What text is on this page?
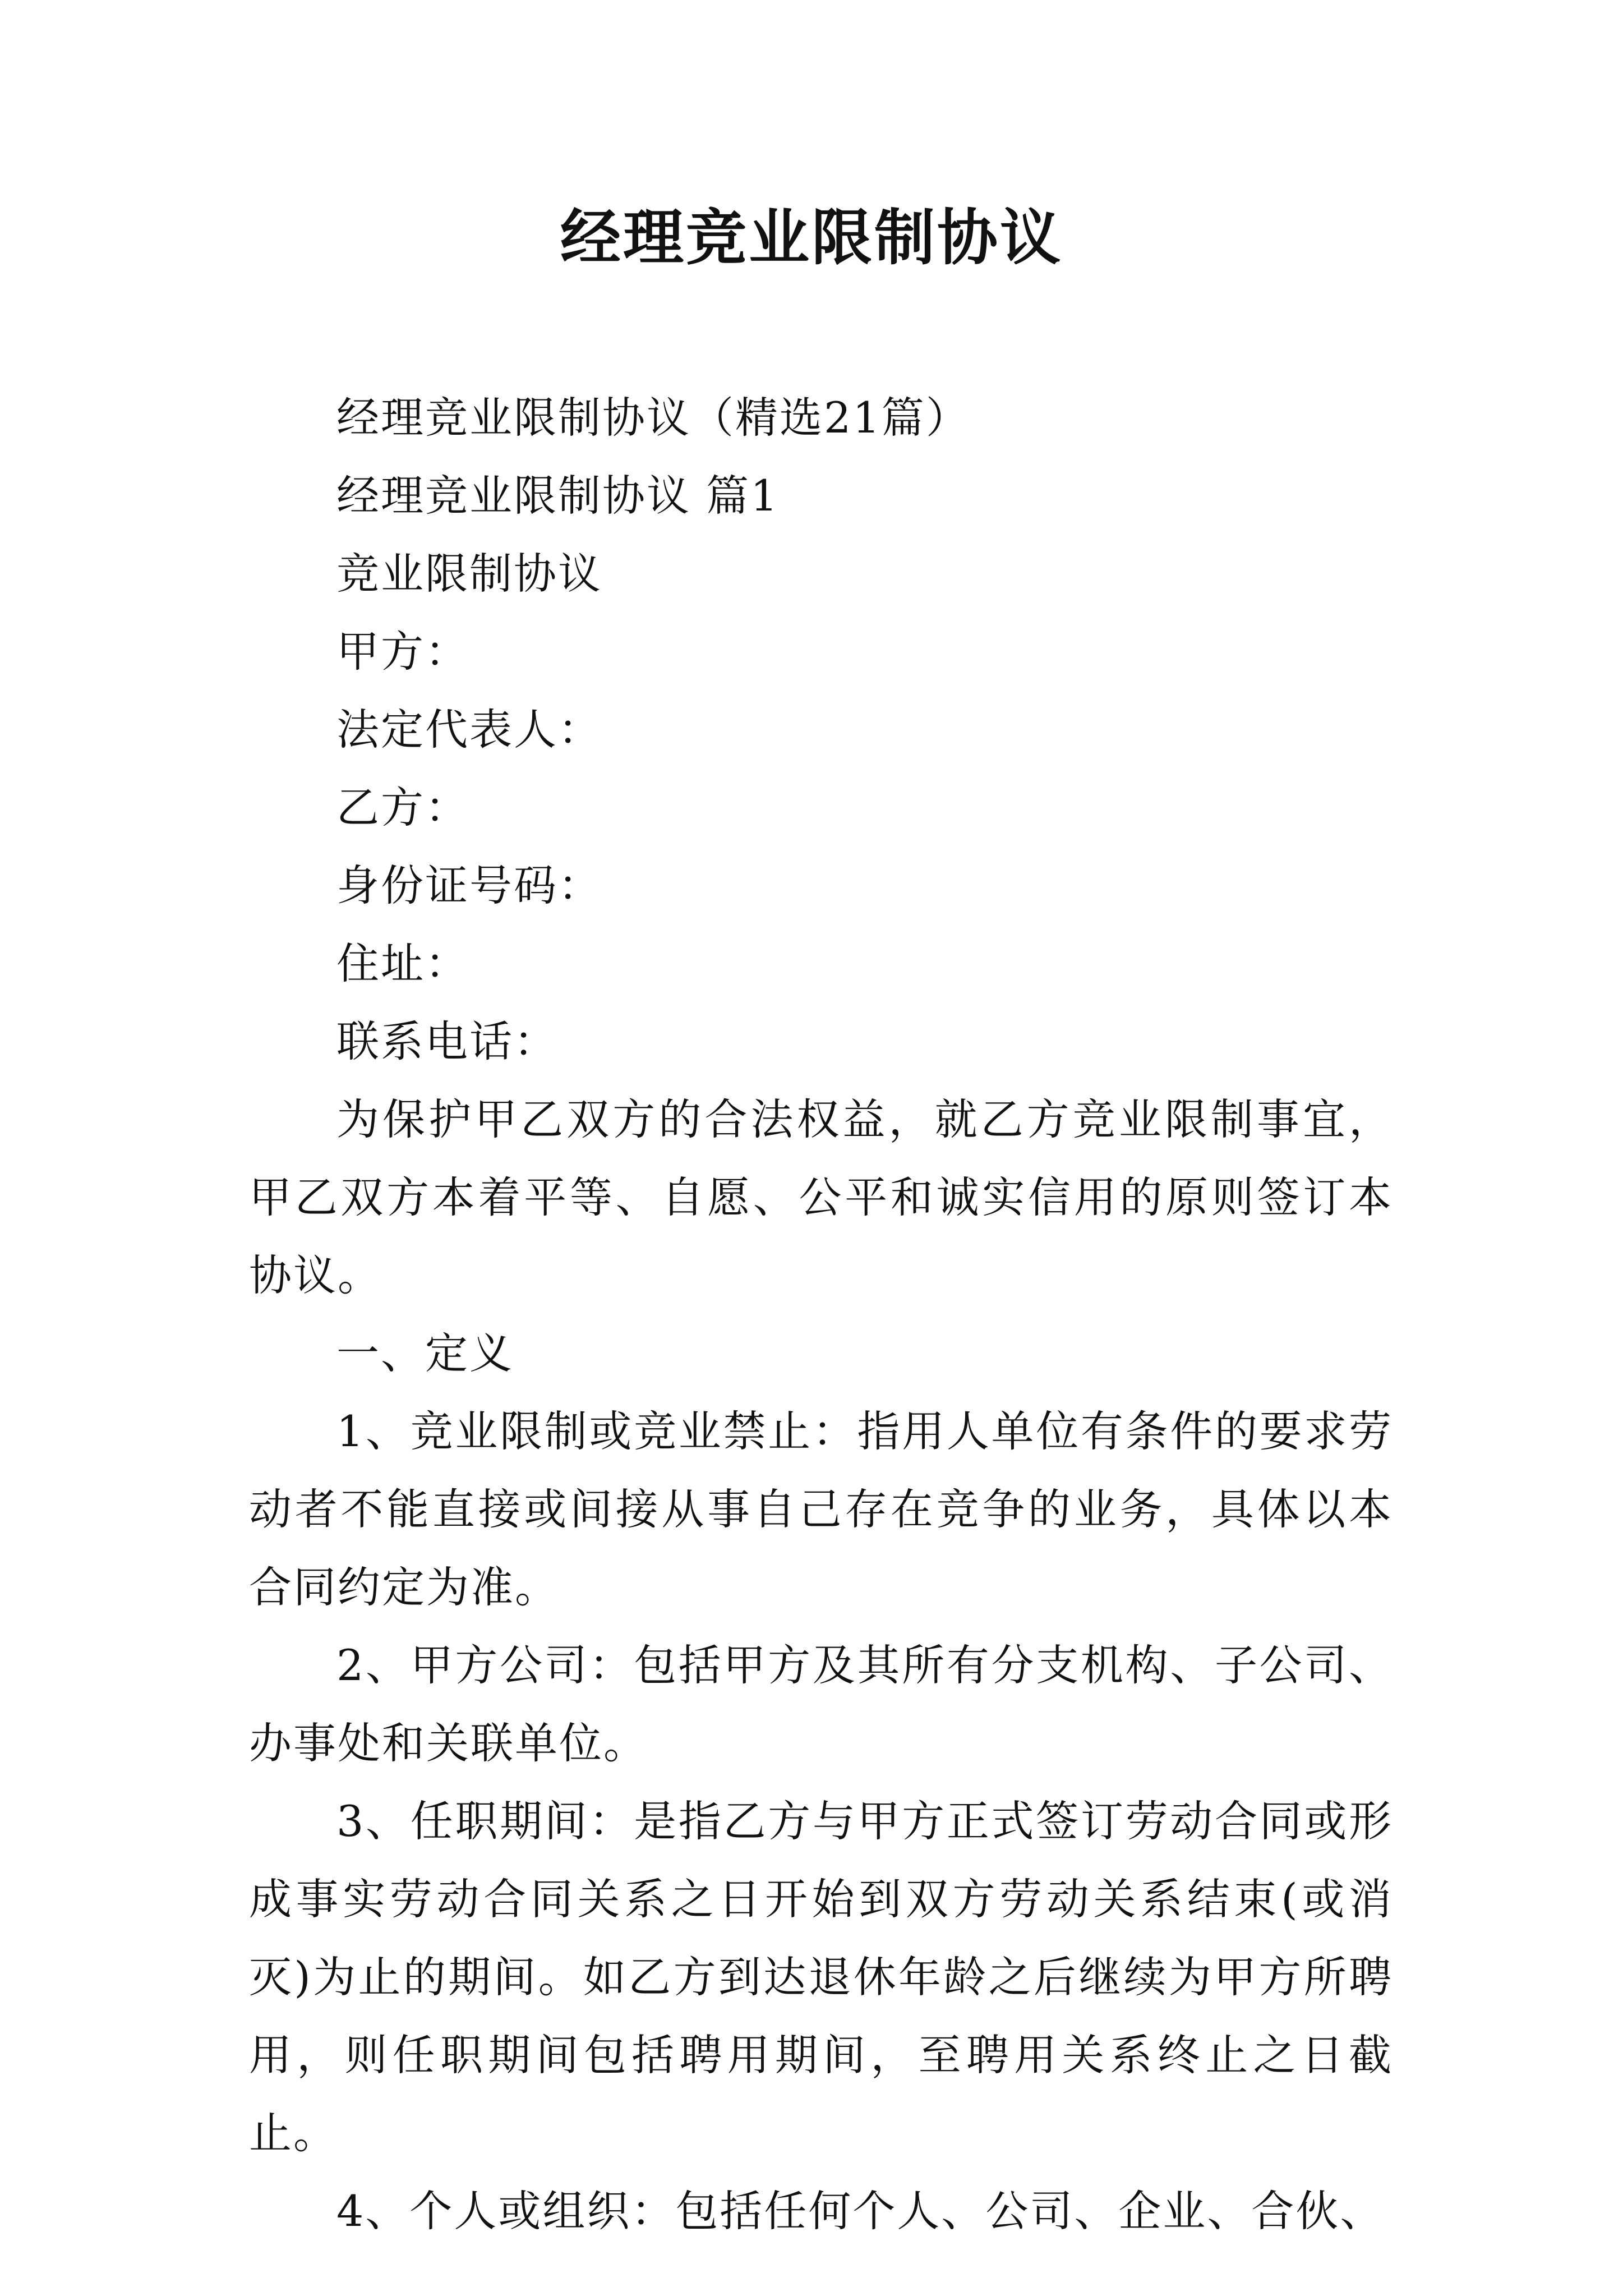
经理竞业限制协议

经理竞业限制协议（精选21篇）

经理竞业限制协议 篇1

竞业限制协议

甲方：

法定代表人：

乙方：

身份证号码：

住址：

联系电话：

为保护甲乙双方的合法权益，就乙方竞业限制事宜，甲乙双方本着平等、自愿、公平和诚实信用的原则签订本协议。

一、定义

1、竞业限制或竞业禁止：指用人单位有条件的要求劳动者不能直接或间接从事自己存在竞争的业务，具体以本合同约定为准。

2、甲方公司：包括甲方及其所有分支机构、子公司、办事处和关联单位。

3、任职期间：是指乙方与甲方正式签订劳动合同或形成事实劳动合同关系之日开始到双方劳动关系结束(或消灭)为止的期间。如乙方到达退休年龄之后继续为甲方所聘用，则任职期间包括聘用期间，至聘用关系终止之日截止。

4、个人或组织：包括任何个人、公司、企业、合伙、
